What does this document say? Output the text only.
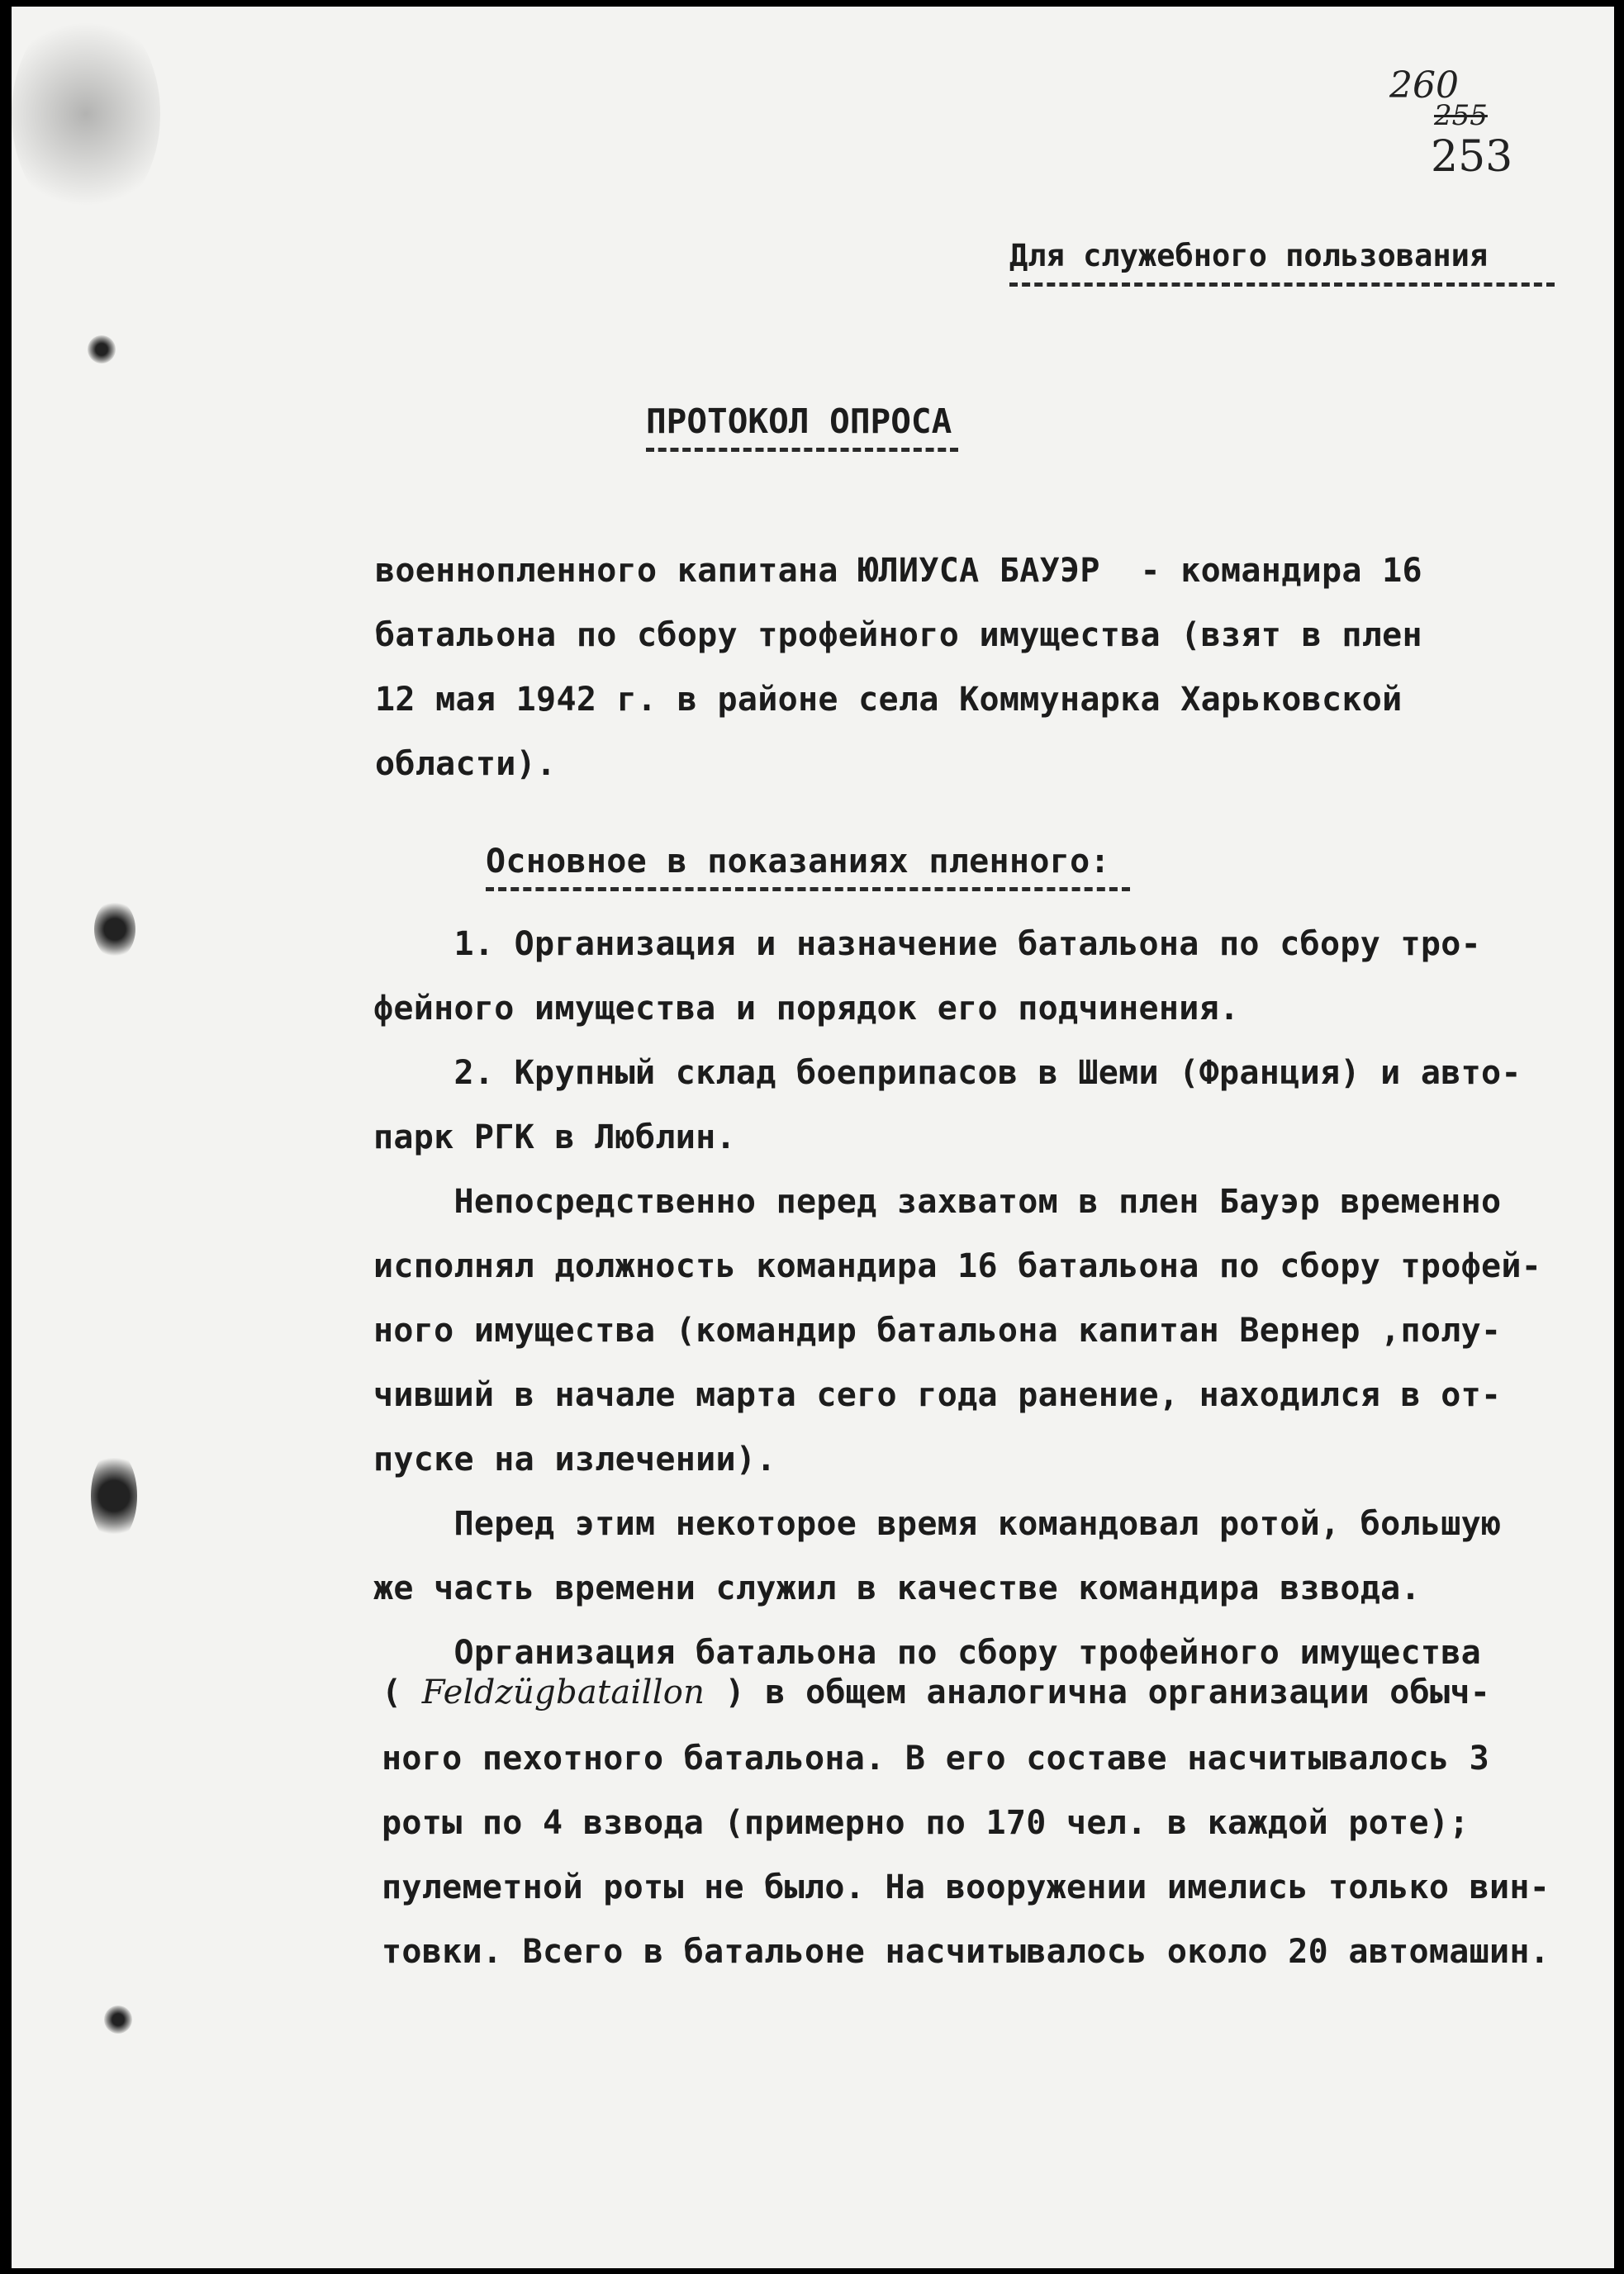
260
255
253
Для служебного пользования
ПРОТОКОЛ ОПРОСА
военнопленного капитана ЮЛИУСА БАУЭР  - командира 16
батальона по сбору трофейного имущества (взят в плен
12 мая 1942 г. в районе села Коммунарка Харьковской
области).
Основное в показаниях пленного:
1. Организация и назначение батальона по сбору тро-
фейного имущества и порядок его подчинения.
2. Крупный склад боеприпасов в Шеми (Франция) и авто-
парк РГК в Люблин.
Непосредственно перед захватом в плен Бауэр временно
исполнял должность командира 16 батальона по сбору трофей-
ного имущества (командир батальона капитан Вернер ,полу-
чивший в начале марта сего года ранение, находился в от-
пуске на излечении).
Перед этим некоторое время командовал ротой, большую
же часть времени служил в качестве командира взвода.
Организация батальона по сбору трофейного имущества
( Feldzügbataillon ) в общем аналогична организации обыч-
ного пехотного батальона. В его составе насчитывалось 3
роты по 4 взвода (примерно по 170 чел. в каждой роте);
пулеметной роты не было. На вооружении имелись только вин-
товки. Всего в батальоне насчитывалось около 20 автомашин.
